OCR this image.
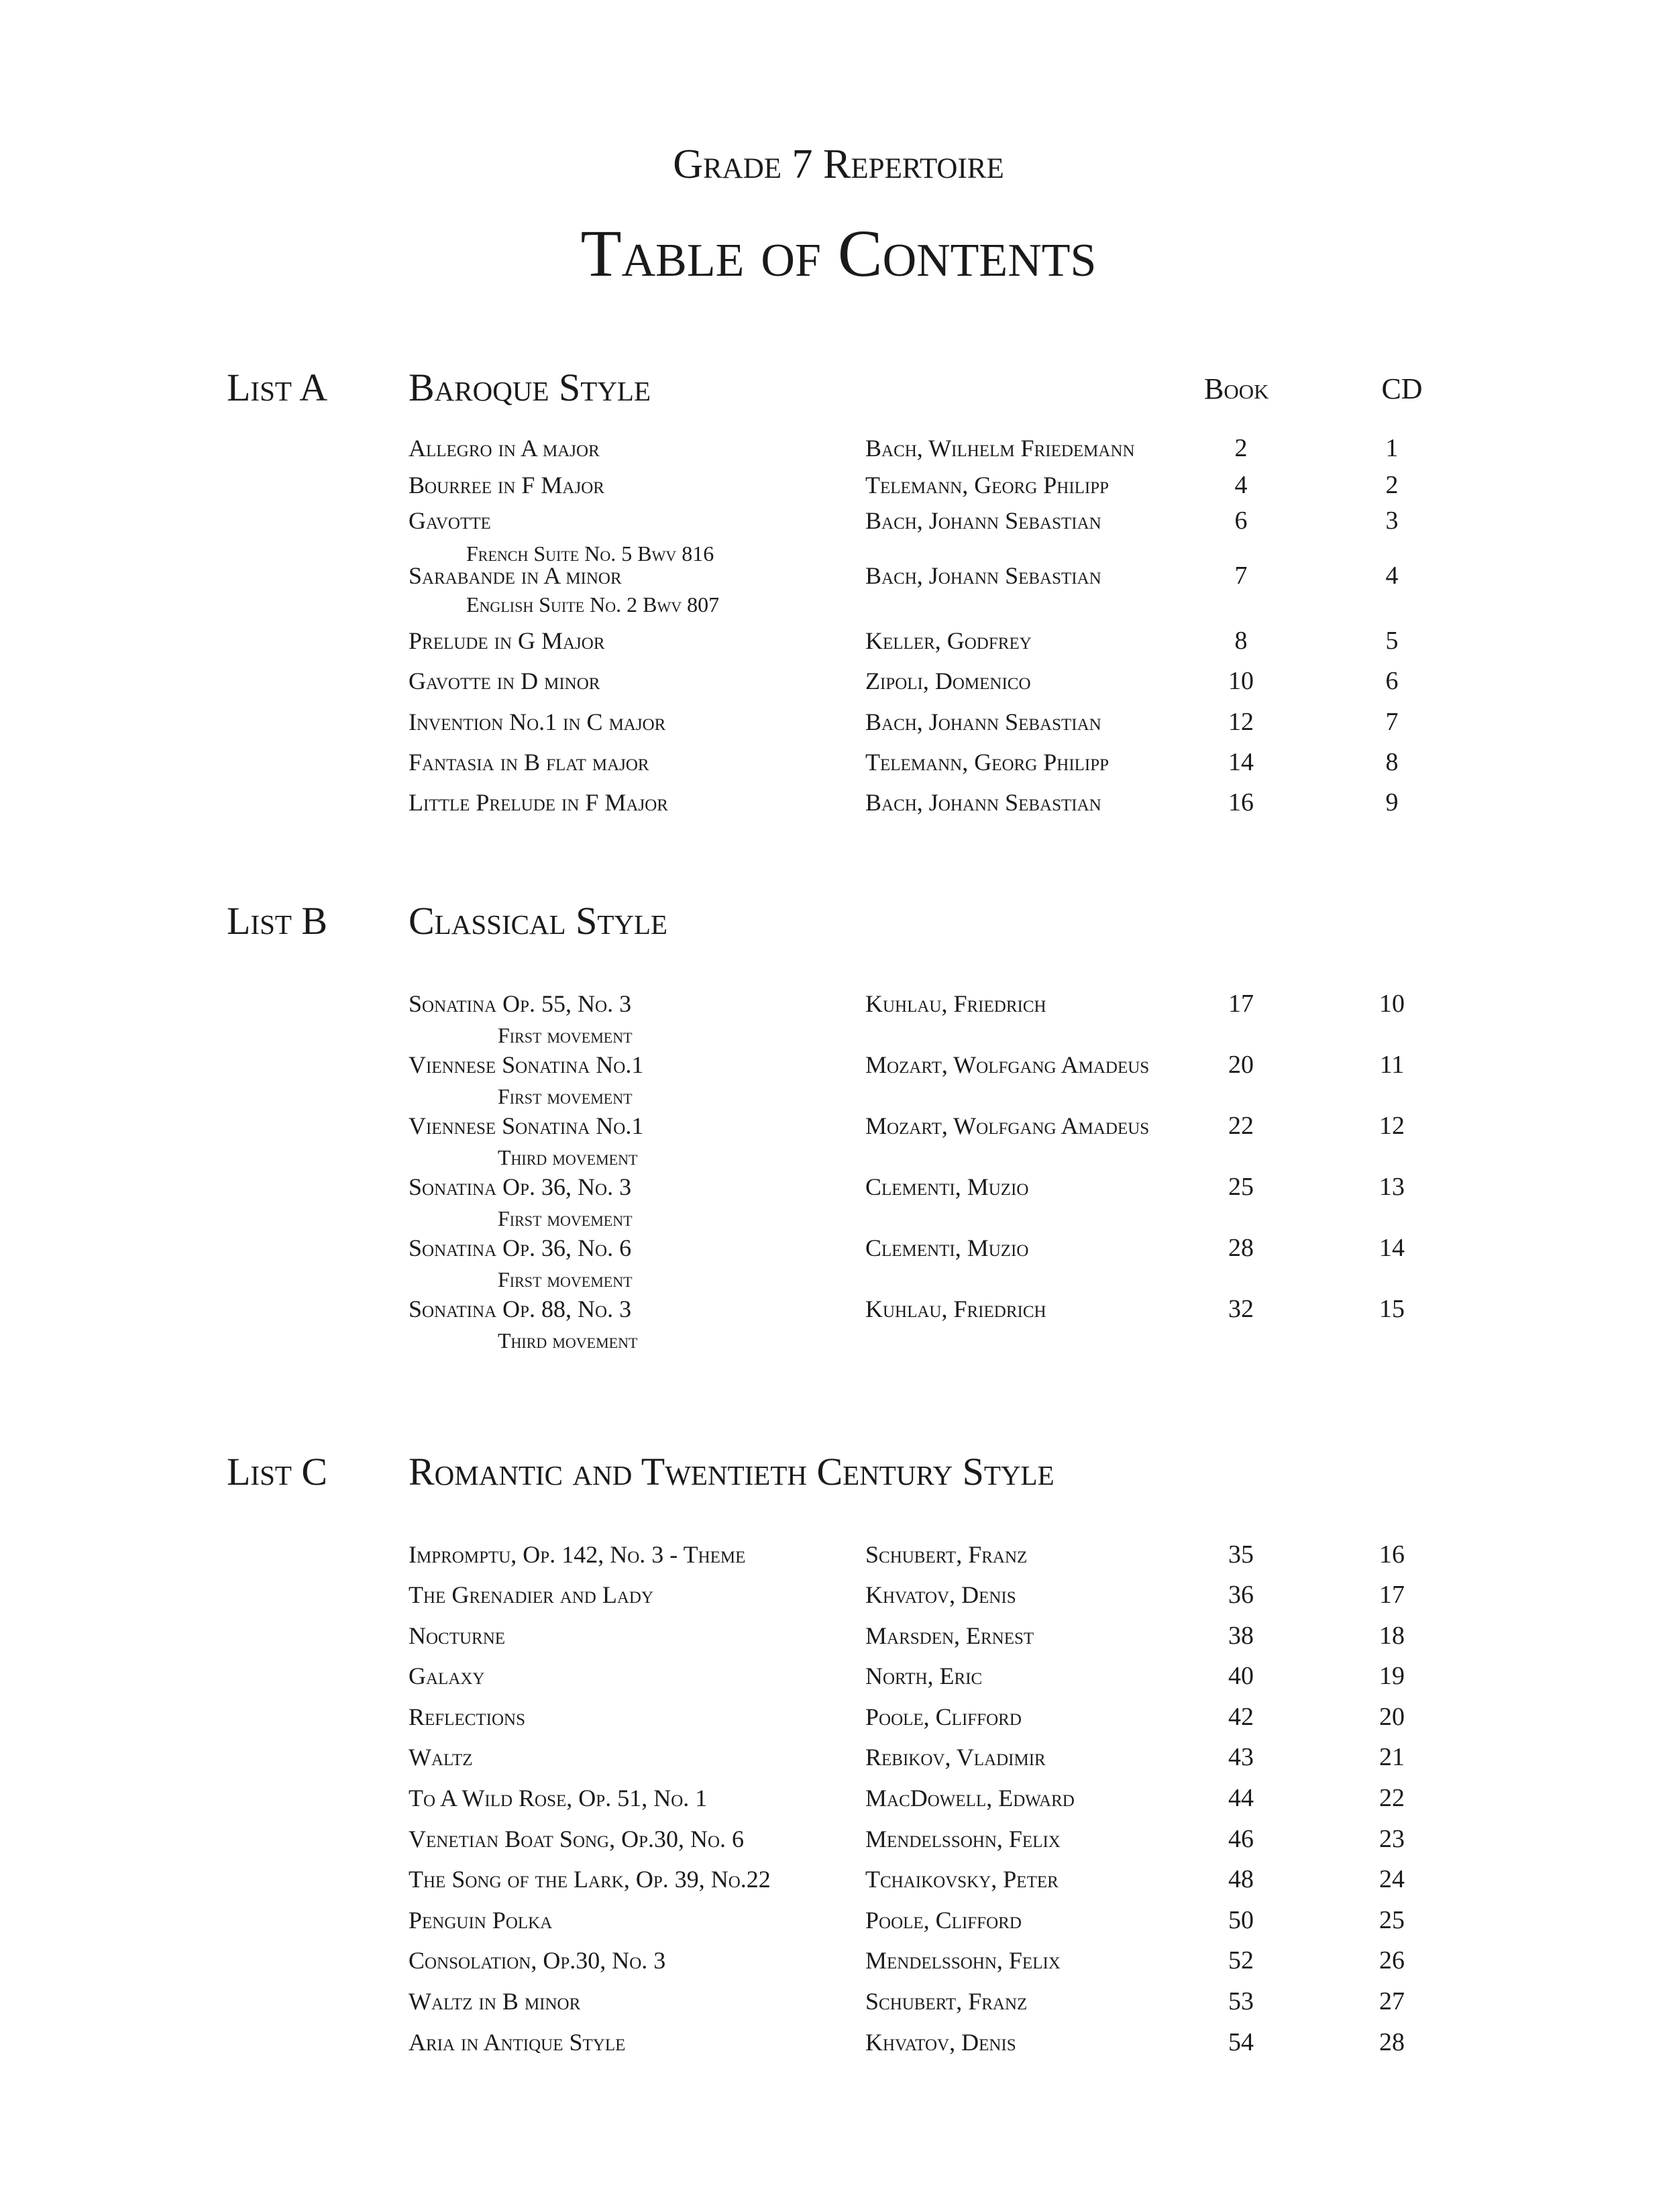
Grade 7 Repertoire
Table of Contents
List A Baroque Style	Book	CD
Allegro in A major	Bach, Wilhelm Friedemann	2	1
Bourree in F Major	Telemann, Georg Philipp	4	2
Gavotte	Bach, Johann Sebastian	6	3
French Suite No. 5 Bwv 816
Sarabande in A minor	Bach, Johann Sebastian	7	4
English Suite No. 2 Bwv 807
Prelude in G Major	Keller, Godfrey	8	5
Gavotte in D minor	Zipoli, Domenico	10	6
Invention No.1 in C major	Bach, Johann Sebastian	12	7
Fantasia in B flat major	Telemann, Georg Philipp	14	8
Little Prelude in F Major	Bach, Johann Sebastian	16	9
List B Classical Style
Sonatina Op. 55, No. 3	Kuhlau, Friedrich	17	10
First movement
Viennese Sonatina No.1	Mozart, Wolfgang Amadeus	20	11
First movement
Viennese Sonatina No.1	Mozart, Wolfgang Amadeus	22	12
Third movement
Sonatina Op. 36, No. 3	Clementi, Muzio	25	13
First movement
Sonatina Op. 36, No. 6	Clementi, Muzio	28	14
First movement
Sonatina Op. 88, No. 3	Kuhlau, Friedrich	32	15
Third movement
List C Romantic and Twentieth Century Style
Impromptu, Op. 142, No. 3 - Theme	Schubert, Franz	35	16
The Grenadier and Lady	Khvatov, Denis	36	17
Nocturne	Marsden, Ernest	38	18
Galaxy	North, Eric	40	19
Reflections	Poole, Clifford	42	20
Waltz	Rebikov, Vladimir	43	21
To A Wild Rose, Op. 51, No. 1	MacDowell, Edward	44	22
Venetian Boat Song, Op.30, No. 6	Mendelssohn, Felix	46	23
The Song of the Lark, Op. 39, No.22	Tchaikovsky, Peter	48	24
Penguin Polka	Poole, Clifford	50	25
Consolation, Op.30, No. 3	Mendelssohn, Felix	52	26
Waltz in B minor	Schubert, Franz	53	27
Aria in Antique Style	Khvatov, Denis	54	28
